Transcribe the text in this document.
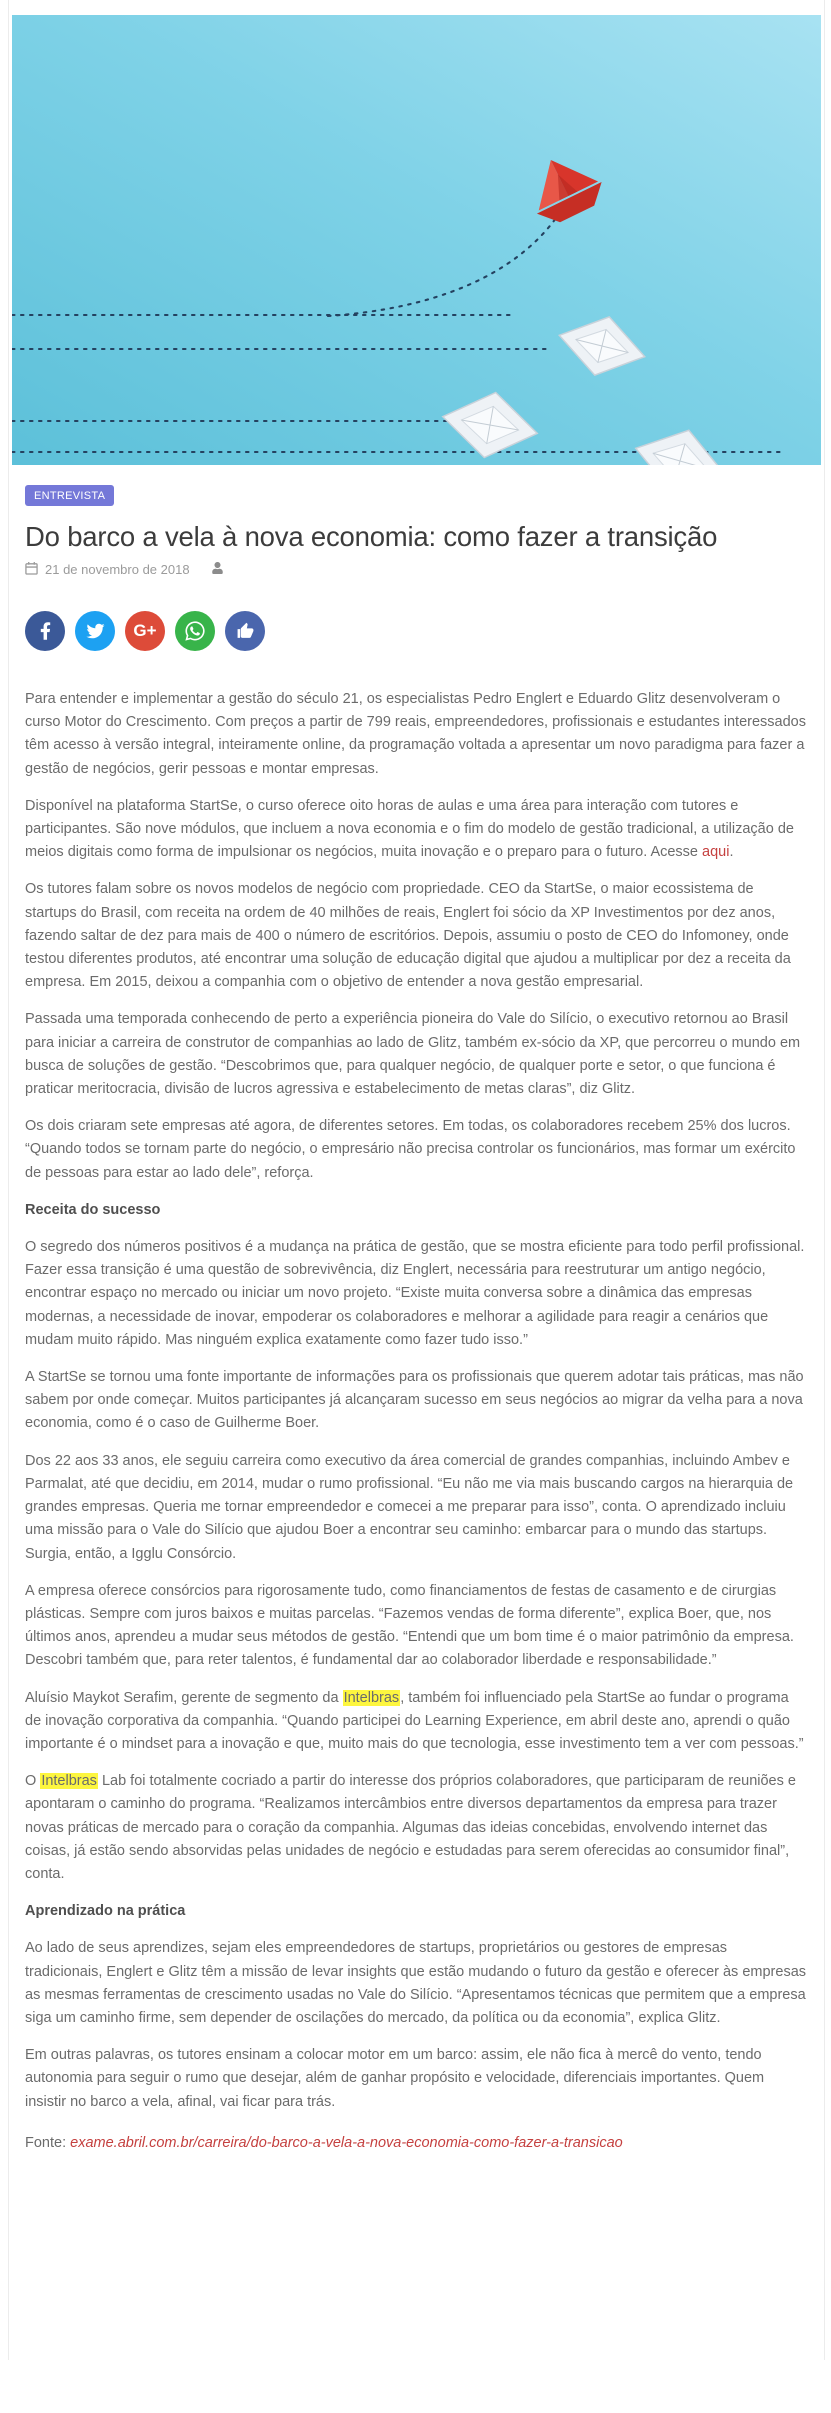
ENTREVISTA
Do barco a vela à nova economia: como fazer a transição
21 de novembro de 2018
G+

Para entender e implementar a gestão do século 21, os especialistas Pedro Englert e Eduardo Glitz desenvolveram o curso Motor do Crescimento. Com preços a partir de 799 reais, empreendedores, profissionais e estudantes interessados têm acesso à versão integral, inteiramente online, da programação voltada a apresentar um novo paradigma para fazer a gestão de negócios, gerir pessoas e montar empresas.

Disponível na plataforma StartSe, o curso oferece oito horas de aulas e uma área para interação com tutores e participantes. São nove módulos, que incluem a nova economia e o fim do modelo de gestão tradicional, a utilização de meios digitais como forma de impulsionar os negócios, muita inovação e o preparo para o futuro. Acesse aqui.

Os tutores falam sobre os novos modelos de negócio com propriedade. CEO da StartSe, o maior ecossistema de startups do Brasil, com receita na ordem de 40 milhões de reais, Englert foi sócio da XP Investimentos por dez anos, fazendo saltar de dez para mais de 400 o número de escritórios. Depois, assumiu o posto de CEO do Infomoney, onde testou diferentes produtos, até encontrar uma solução de educação digital que ajudou a multiplicar por dez a receita da empresa. Em 2015, deixou a companhia com o objetivo de entender a nova gestão empresarial.

Passada uma temporada conhecendo de perto a experiência pioneira do Vale do Silício, o executivo retornou ao Brasil para iniciar a carreira de construtor de companhias ao lado de Glitz, também ex-sócio da XP, que percorreu o mundo em busca de soluções de gestão. “Descobrimos que, para qualquer negócio, de qualquer porte e setor, o que funciona é praticar meritocracia, divisão de lucros agressiva e estabelecimento de metas claras”, diz Glitz.

Os dois criaram sete empresas até agora, de diferentes setores. Em todas, os colaboradores recebem 25% dos lucros. “Quando todos se tornam parte do negócio, o empresário não precisa controlar os funcionários, mas formar um exército de pessoas para estar ao lado dele”, reforça.

Receita do sucesso

O segredo dos números positivos é a mudança na prática de gestão, que se mostra eficiente para todo perfil profissional. Fazer essa transição é uma questão de sobrevivência, diz Englert, necessária para reestruturar um antigo negócio, encontrar espaço no mercado ou iniciar um novo projeto. “Existe muita conversa sobre a dinâmica das empresas modernas, a necessidade de inovar, empoderar os colaboradores e melhorar a agilidade para reagir a cenários que mudam muito rápido. Mas ninguém explica exatamente como fazer tudo isso.”

A StartSe se tornou uma fonte importante de informações para os profissionais que querem adotar tais práticas, mas não sabem por onde começar. Muitos participantes já alcançaram sucesso em seus negócios ao migrar da velha para a nova economia, como é o caso de Guilherme Boer.

Dos 22 aos 33 anos, ele seguiu carreira como executivo da área comercial de grandes companhias, incluindo Ambev e Parmalat, até que decidiu, em 2014, mudar o rumo profissional. “Eu não me via mais buscando cargos na hierarquia de grandes empresas. Queria me tornar empreendedor e comecei a me preparar para isso”, conta. O aprendizado incluiu uma missão para o Vale do Silício que ajudou Boer a encontrar seu caminho: embarcar para o mundo das startups. Surgia, então, a Igglu Consórcio.

A empresa oferece consórcios para rigorosamente tudo, como financiamentos de festas de casamento e de cirurgias plásticas. Sempre com juros baixos e muitas parcelas. “Fazemos vendas de forma diferente”, explica Boer, que, nos últimos anos, aprendeu a mudar seus métodos de gestão. “Entendi que um bom time é o maior patrimônio da empresa. Descobri também que, para reter talentos, é fundamental dar ao colaborador liberdade e responsabilidade.”

Aluísio Maykot Serafim, gerente de segmento da Intelbras, também foi influenciado pela StartSe ao fundar o programa de inovação corporativa da companhia. “Quando participei do Learning Experience, em abril deste ano, aprendi o quão importante é o mindset para a inovação e que, muito mais do que tecnologia, esse investimento tem a ver com pessoas.”

O Intelbras Lab foi totalmente cocriado a partir do interesse dos próprios colaboradores, que participaram de reuniões e apontaram o caminho do programa. “Realizamos intercâmbios entre diversos departamentos da empresa para trazer novas práticas de mercado para o coração da companhia. Algumas das ideias concebidas, envolvendo internet das coisas, já estão sendo absorvidas pelas unidades de negócio e estudadas para serem oferecidas ao consumidor final”, conta.

Aprendizado na prática

Ao lado de seus aprendizes, sejam eles empreendedores de startups, proprietários ou gestores de empresas tradicionais, Englert e Glitz têm a missão de levar insights que estão mudando o futuro da gestão e oferecer às empresas as mesmas ferramentas de crescimento usadas no Vale do Silício. “Apresentamos técnicas que permitem que a empresa siga um caminho firme, sem depender de oscilações do mercado, da política ou da economia”, explica Glitz.

Em outras palavras, os tutores ensinam a colocar motor em um barco: assim, ele não fica à mercê do vento, tendo autonomia para seguir o rumo que desejar, além de ganhar propósito e velocidade, diferenciais importantes. Quem insistir no barco a vela, afinal, vai ficar para trás.

Fonte: exame.abril.com.br/carreira/do-barco-a-vela-a-nova-economia-como-fazer-a-transicao
